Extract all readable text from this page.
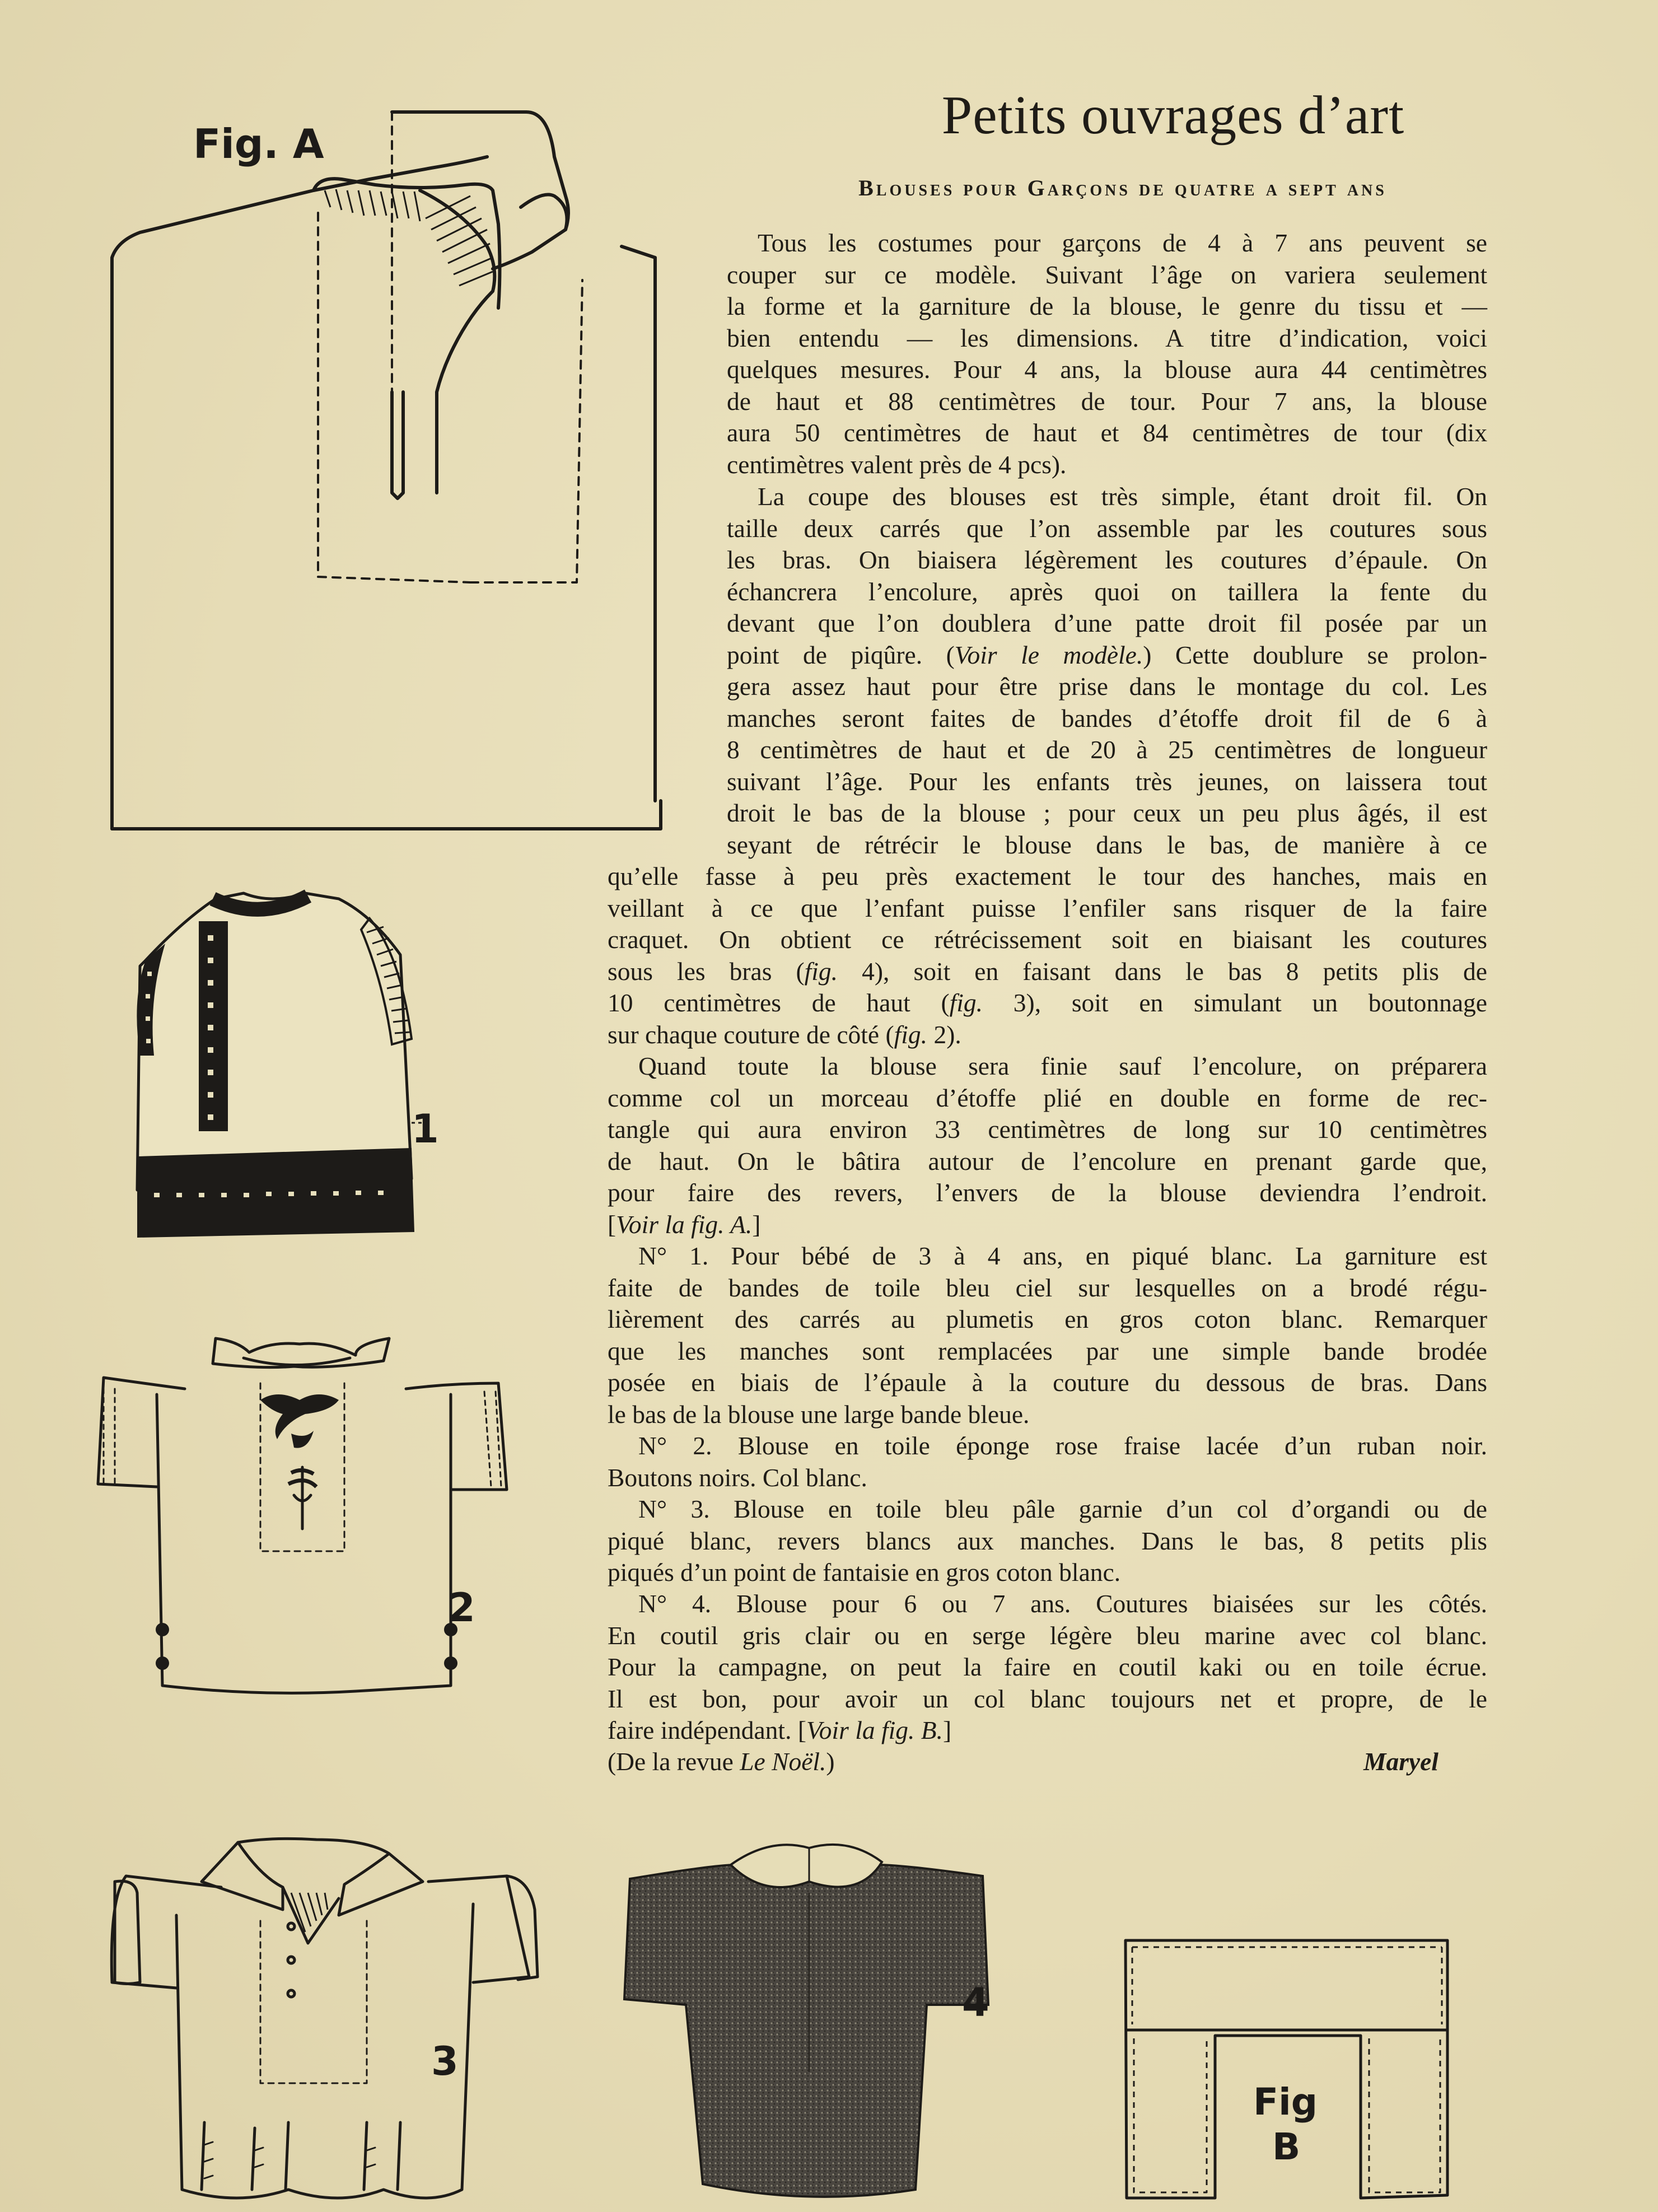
Fig. A	Petits ouvrages d’art
Blouses pour Garçons de quatre a sept ans
Tous les costumes pour garçons de 4 à 7 ans peuvent se
couper sur ce modèle. Suivant l’âge on variera seulement
la forme et la garniture de la blouse, le genre du tissu et —
bien entendu — les dimensions. A titre d’indication, voici
quelques mesures. Pour 4 ans, la blouse aura 44 centimètres
de haut et 88 centimètres de tour. Pour 7 ans, la blouse
aura 50 centimètres de haut et 84 centimètres de tour (dix
centimètres valent près de 4 pcs).
La coupe des blouses est très simple, étant droit fil. On
taille deux carrés que l’on assemble par les coutures sous
les bras. On biaisera légèrement les coutures d’épaule. On
échancrera l’encolure, après quoi on taillera la fente du
devant que l’on doublera d’une patte droit fil posée par un
point de piqûre. (Voir le modèle.) Cette doublure se prolon-
gera assez haut pour être prise dans le montage du col. Les
manches seront faites de bandes d’étoffe droit fil de 6 à
8 centimètres de haut et de 20 à 25 centimètres de longueur
suivant l’âge. Pour les enfants très jeunes, on laissera tout
droit le bas de la blouse ; pour ceux un peu plus âgés, il est
seyant de rétrécir le blouse dans le bas, de manière à ce
qu’elle fasse à peu près exactement le tour des hanches, mais en
veillant à ce que l’enfant puisse l’enfiler sans risquer de la faire
craquet. On obtient ce rétrécissement soit en biaisant les coutures
sous les bras (fig. 4), soit en faisant dans le bas 8 petits plis de
10 centimètres de haut (fig. 3), soit en simulant un boutonnage
sur chaque couture de côté (fig. 2).
Quand toute la blouse sera finie sauf l’encolure, on préparera
comme col un morceau d’étoffe plié en double en forme de rec-
tangle qui aura environ 33 centimètres de long sur 10 centimètres
de haut. On le bâtira autour de l’encolure en prenant garde que,
pour faire des revers, l’envers de la blouse deviendra l’endroit.
[Voir la fig. A.]
N° 1. Pour bébé de 3 à 4 ans, en piqué blanc. La garniture est
faite de bandes de toile bleu ciel sur lesquelles on a brodé régu-
lièrement des carrés au plumetis en gros coton blanc. Remarquer
que les manches sont remplacées par une simple bande brodée
posée en biais de l’épaule à la couture du dessous de bras. Dans
le bas de la blouse une large bande bleue.
N° 2. Blouse en toile éponge rose fraise lacée d’un ruban noir.
Boutons noirs. Col blanc.
N° 3. Blouse en toile bleu pâle garnie d’un col d’organdi ou de
piqué blanc, revers blancs aux manches. Dans le bas, 8 petits plis
piqués d’un point de fantaisie en gros coton blanc.
N° 4. Blouse pour 6 ou 7 ans. Coutures biaisées sur les côtés.
En coutil gris clair ou en serge légère bleu marine avec col blanc.
Pour la campagne, on peut la faire en coutil kaki ou en toile écrue.
Il est bon, pour avoir un col blanc toujours net et propre, de le
faire indépendant. [Voir la fig. B.]
(De la revue Le Noël.)	Maryel
1
2
3
4
Fig
B
